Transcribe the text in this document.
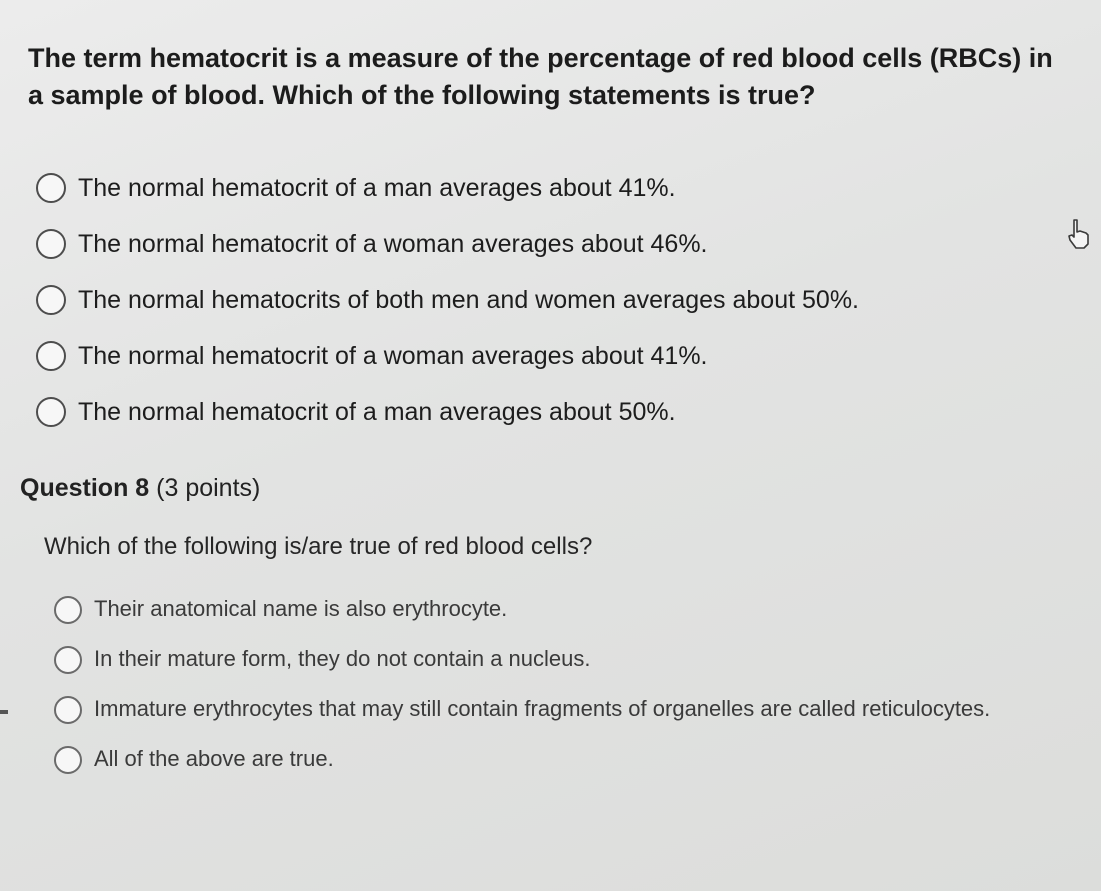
The term hematocrit is a measure of the percentage of red blood cells (RBCs) in a sample of blood. Which of the following statements is true?
The normal hematocrit of a man averages about 41%.
The normal hematocrit of a woman averages about 46%.
The normal hematocrits of both men and women averages about 50%.
The normal hematocrit of a woman averages about 41%.
The normal hematocrit of a man averages about 50%.
Question 8 (3 points)
Which of the following is/are true of red blood cells?
Their anatomical name is also erythrocyte.
In their mature form, they do not contain a nucleus.
Immature erythrocytes that may still contain fragments of organelles are called reticulocytes.
All of the above are true.
